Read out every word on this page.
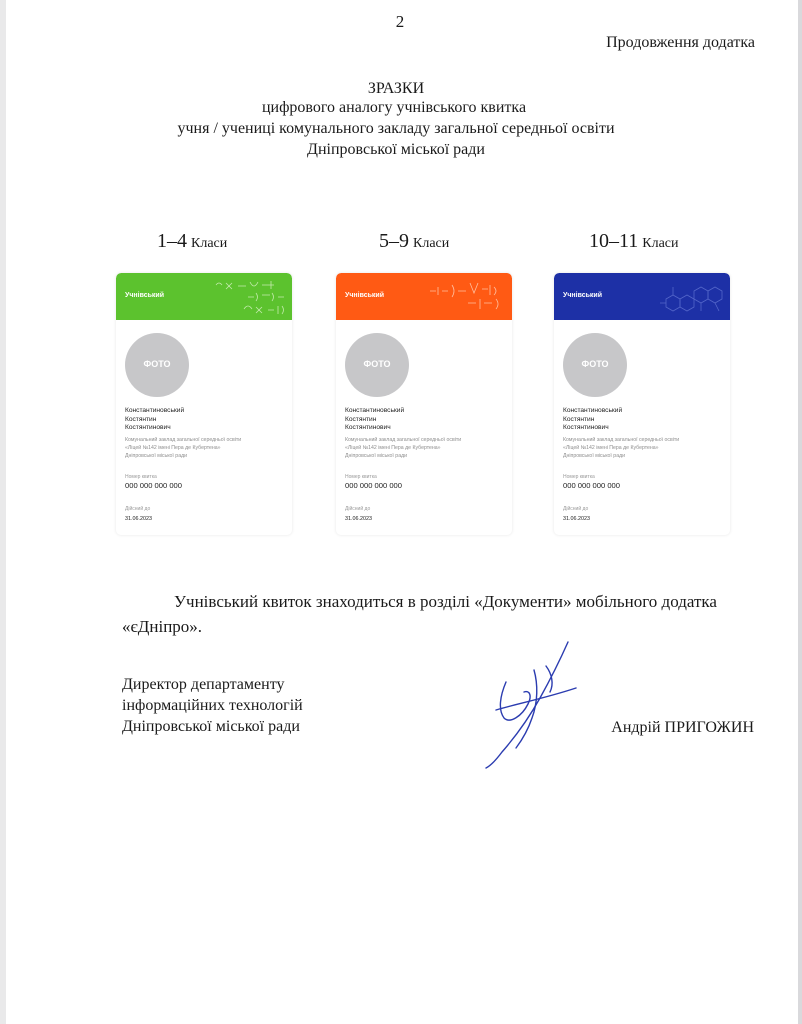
2
Продовження додатка
ЗРАЗКИ
цифрового аналогу учнівського квитка
учня / учениці комунального закладу загальної середньої освіти
Дніпровської міської ради
1–4 Класи	5–9 Класи	10–11 Класи
Учнівський
ФОТО
Константиновський
Костянтин
Костянтинович
Комунальний заклад загальної середньої освіти
«Ліцей №142 імені Пера де Кубертена»
Дніпровської міської ради
Номер квитка
000 000 000 000
Дійсний до
31.06.2023
Учнівський
ФОТО
Константиновський
Костянтин
Костянтинович
Комунальний заклад загальної середньої освіти
«Ліцей №142 імені Пера де Кубертена»
Дніпровської міської ради
Номер квитка
000 000 000 000
Дійсний до
31.06.2023
Учнівський
ФОТО
Константиновський
Костянтин
Костянтинович
Комунальний заклад загальної середньої освіти
«Ліцей №142 імені Пера де Кубертена»
Дніпровської міської ради
Номер квитка
000 000 000 000
Дійсний до
31.06.2023
Учнівський квиток знаходиться в розділі «Документи» мобільного додатка
«єДніпро».
Директор департаменту
інформаційних технологій
Дніпровської міської ради	Андрій ПРИГОЖИН
